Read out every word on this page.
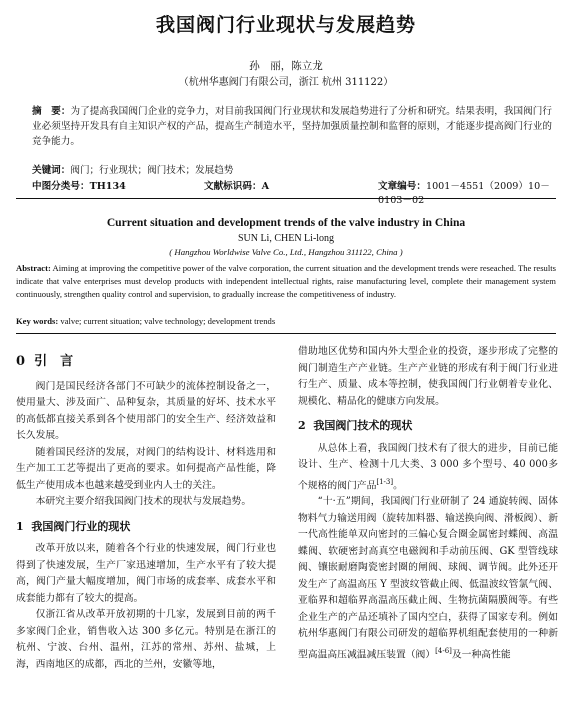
我国阀门行业现状与发展趋势
孙　丽，陈立龙
（杭州华惠阀门有限公司，浙江 杭州 311122）
摘　要：为了提高我国阀门企业的竞争力，对目前我国阀门行业现状和发展趋势进行了分析和研究。结果表明，我国阀门行业必须坚持开发具有自主知识产权的产品，提高生产制造水平，坚持加强质量控制和监督的原则，才能逐步提高阀门行业的竞争能力。
关键词：阀门；行业现状；阀门技术；发展趋势
中图分类号：TH134	文献标识码：A	文章编号：1001－4551（2009）10－0103－02
Current situation and development trends of the valve industry in China
SUN Li, CHEN Li-long
( Hangzhou Worldwise Valve Co., Ltd., Hangzhou 311122, China )
Abstract: Aiming at improving the competitive power of the valve corporation, the current situation and the development trends were reseached. The results indicate that valve enterprises must develop products with independent intellectual rights, raise manufacturing level, complete their management system continuously, strengthen quality control and supervision, to gradually increase the competitiveness of industry.
Key words: valve; current situation; valve technology; development trends
0 引　言

阀门是国民经济各部门不可缺少的流体控制设备之一，使用量大、涉及面广、品种复杂，其质量的好坏、技术水平的高低都直接关系到各个使用部门的安全生产、经济效益和长久发展。

随着国民经济的发展，对阀门的结构设计、材料选用和生产加工工艺等提出了更高的要求。如何提高产品性能，降低生产使用成本也越来越受到业内人士的关注。

本研究主要介绍我国阀门技术的现状与发展趋势。

1 我国阀门行业的现状

改革开放以来，随着各个行业的快速发展，阀门行业也得到了快速发展，生产厂家迅速增加，生产水平有了较大提高，阀门产量大幅度增加，阀门市场的成套率、成套水平和成套能力都有了较大的提高。

仅浙江省从改革开放初期的十几家，发展到目前的两千多家阀门企业，销售收入达 300 多亿元。特别是在浙江的杭州、宁波、台州、温州，江苏的常州、苏州、盐城，上海，西南地区的成都，西北的兰州，安徽等地，

借助地区优势和国内外大型企业的投资，逐步形成了完整的阀门制造生产产业链。生产产业链的形成有利于阀门行业进行生产、质量、成本等控制，使我国阀门行业朝着专业化、规模化、精品化的健康方向发展。

2 我国阀门技术的现状

从总体上看，我国阀门技术有了很大的进步，目前已能设计、生产、检测十几大类、3 000 多个型号、40 000多个规格的阀门产品[1-3]。

“十·五”期间，我国阀门行业研制了 24 通旋转阀、固体物料气力输送用阀（旋转加料器、输送换向阀、滑板阀）、新一代高性能单双向密封的三偏心复合圈金属密封蝶阀、高温蝶阀、软硬密封高真空电磁阀和手动前压阀、GK 型管线球阀、镶嵌耐磨陶瓷密封圈的闸阀、球阀、调节阀。此外还开发生产了高温高压 Y 型波纹管截止阀、低温波纹管氯气阀、亚临界和超临界高温高压截止阀、生物抗菌隔膜阀等。有些企业生产的产品还填补了国内空白，获得了国家专利。例如杭州华惠阀门有限公司研发的超临界机组配套使用的一种新型高温高压减温减压装置（阀）[4-6]及一种高性能
